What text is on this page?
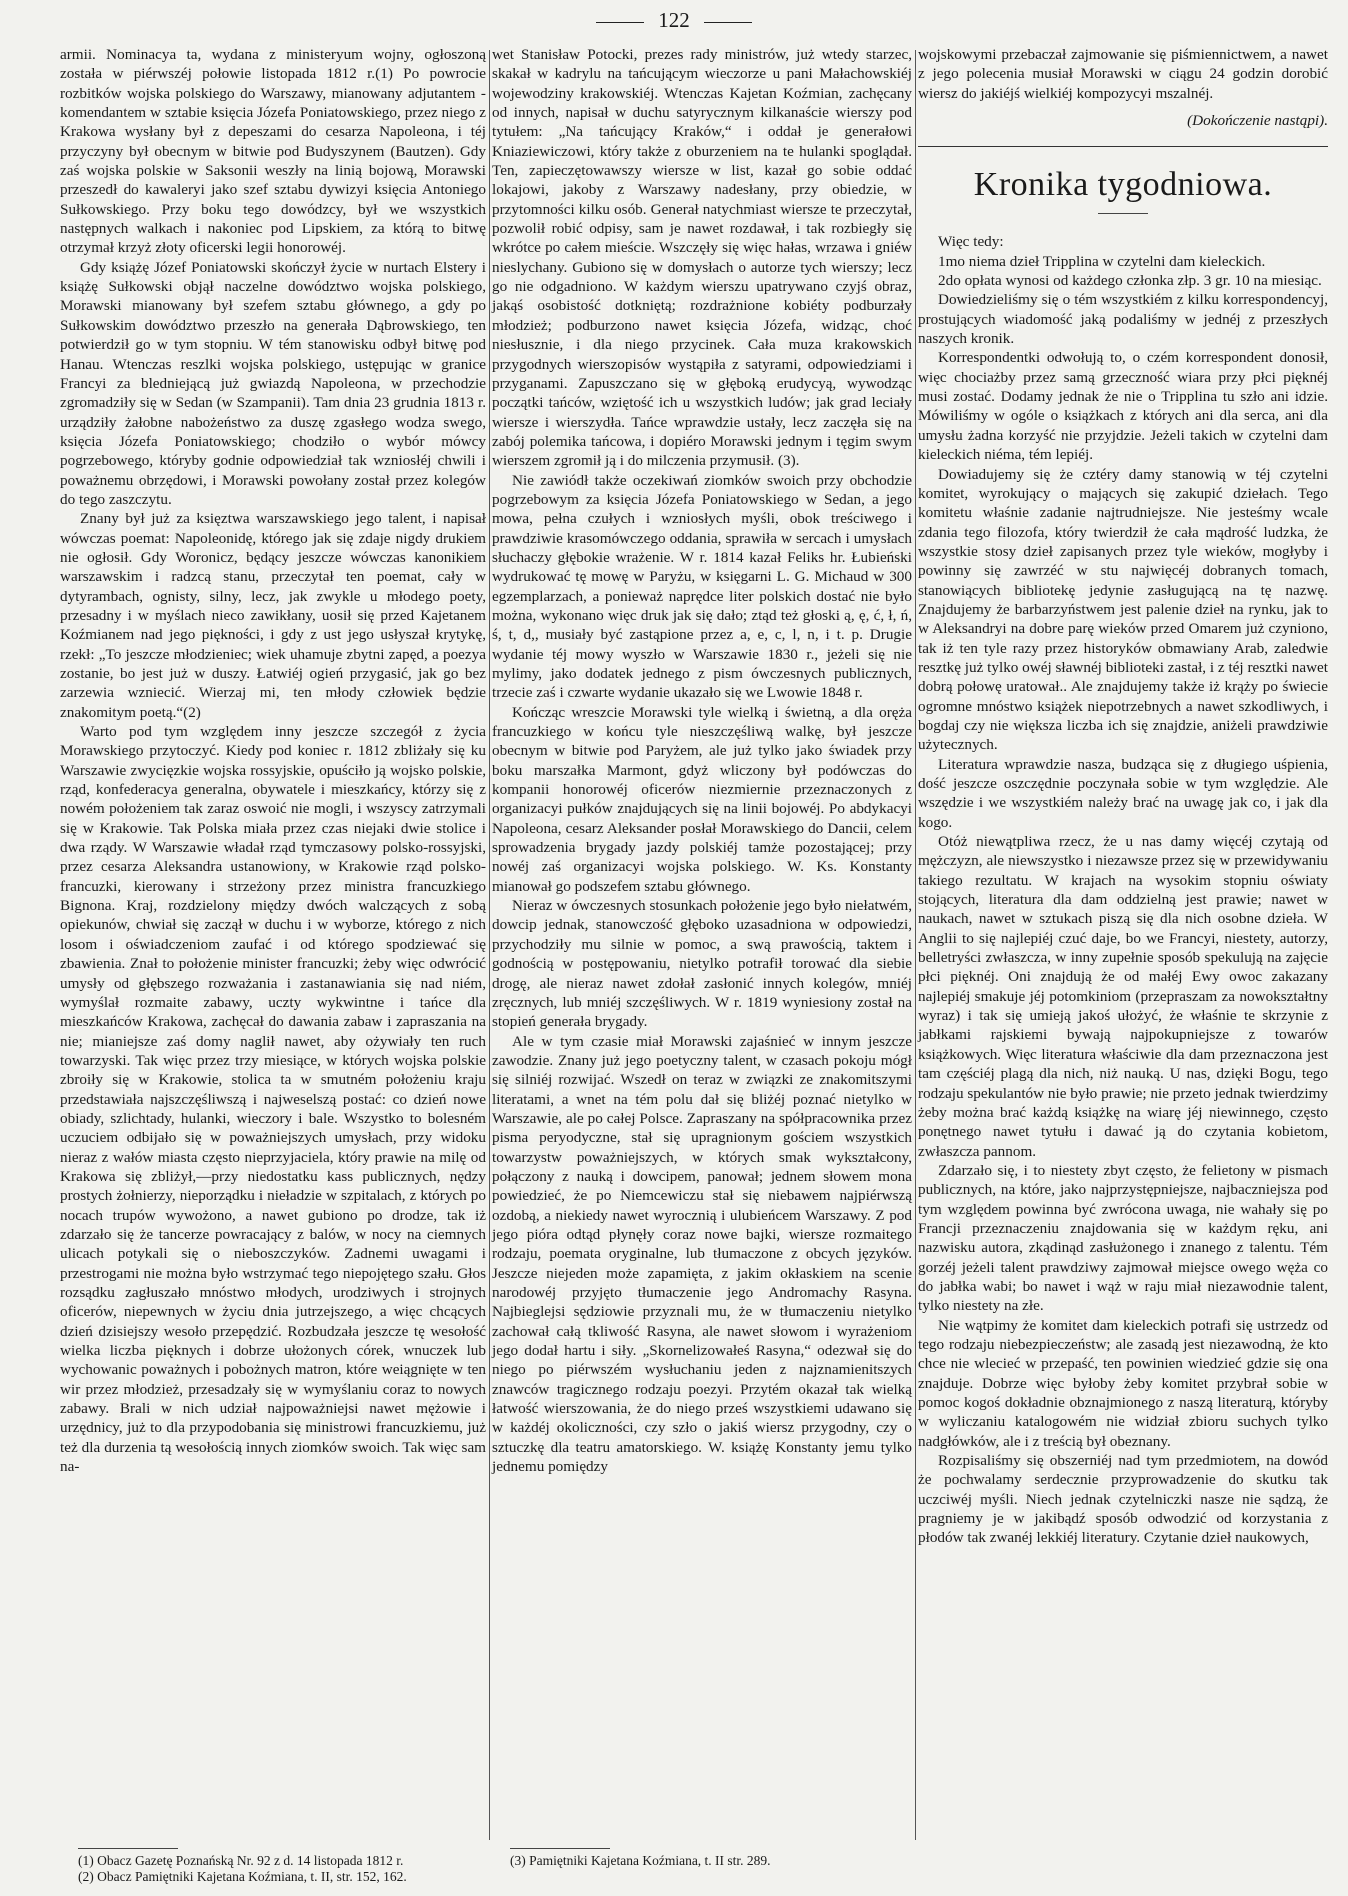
122

armii. Nominacya ta, wydana z ministeryum wojny, ogłoszoną została w piérwszéj połowie listopada 1812 r.(1) Po powrocie rozbitków wojska polskiego do Warszawy, mianowany adjutantem - komendantem w sztabie księcia Józefa Poniatowskiego, przez niego z Krakowa wysłany był z depeszami do cesarza Napoleona, i téj przyczyny był obecnym w bitwie pod Budyszynem (Bautzen). Gdy zaś wojska polskie w Saksonii weszły na linią bojową, Morawski przeszedł do kawaleryi jako szef sztabu dywizyi księcia Antoniego Sułkowskiego. Przy boku tego dowódzcy, był we wszystkich następnych walkach i nakoniec pod Lipskiem, za którą to bitwę otrzymał krzyż złoty oficerski legii honorowéj.

Gdy książę Józef Poniatowski skończył życie w nurtach Elstery i książę Sułkowski objął naczelne dowództwo wojska polskiego, Morawski mianowany był szefem sztabu głównego, a gdy po Sułkowskim dowództwo przeszło na generała Dąbrowskiego, ten potwierdził go w tym stopniu. W tém stanowisku odbył bitwę pod Hanau. Wtenczas reszlki wojska polskiego, ustępując w granice Francyi za bledniejącą już gwiazdą Napoleona, w przechodzie zgromadziły się w Sedan (w Szampanii). Tam dnia 23 grudnia 1813 r. urządziły żałobne nabożeństwo za duszę zgasłego wodza swego, księcia Józefa Poniatowskiego; chodziło o wybór mówcy pogrzebowego, któryby godnie odpowiedział tak wzniosłéj chwili i poważnemu obrzędowi, i Morawski powołany został przez kolegów do tego zaszczytu.

Znany był już za księztwa warszawskiego jego talent, i napisał wówczas poemat: Napoleonidę, którego jak się zdaje nigdy drukiem nie ogłosił. Gdy Woronicz, będący jeszcze wówczas kanonikiem warszawskim i radzcą stanu, przeczytał ten poemat, cały w dytyrambach, ognisty, silny, lecz, jak zwykle u młodego poety, przesadny i w myślach nieco zawikłany, uosił się przed Kajetanem Koźmianem nad jego piękności, i gdy z ust jego usłyszał krytykę, rzekł: „To jeszcze młodzieniec; wiek uhamuje zbytni zapęd, a poezya zostanie, bo jest już w duszy. Łatwiéj ogień przygasić, jak go bez zarzewia wzniecić. Wierzaj mi, ten młody człowiek będzie znakomitym poetą.“(2)

Warto pod tym względem inny jeszcze szczegół z życia Morawskiego przytoczyć. Kiedy pod koniec r. 1812 zbliżały się ku Warszawie zwycięzkie wojska rossyjskie, opuściło ją wojsko polskie, rząd, konfederacya generalna, obywatele i mieszkańcy, którzy się z nowém położeniem tak zaraz oswoić nie mogli, i wszyscy zatrzymali się w Krakowie. Tak Polska miała przez czas niejaki dwie stolice i dwa rządy. W Warszawie władał rząd tymczasowy polsko-rossyjski, przez cesarza Aleksandra ustanowiony, w Krakowie rząd polsko-francuzki, kierowany i strzeżony przez ministra francuzkiego Bignona. Kraj, rozdzielony między dwóch walczących z sobą opiekunów, chwiał się zaczął w duchu i w wyborze, którego z nich losom i oświadczeniom zaufać i od którego spodziewać się zbawienia. Znał to położenie minister francuzki; żeby więc odwrócić umysły od głębszego rozważania i zastanawiania się nad niém, wymyślał rozmaite zabawy, uczty wykwintne i tańce dla mieszkańców Krakowa, zachęcał do dawania zabaw i zapraszania na nie; mianiejsze zaś domy naglił nawet, aby ożywiały ten ruch towarzyski. Tak więc przez trzy miesiące, w których wojska polskie zbroiły się w Krakowie, stolica ta w smutném położeniu kraju przedstawiała najszczęśliwszą i najweselszą postać: co dzień nowe obiady, szlichtady, hulanki, wieczory i bale. Wszystko to bolesném uczuciem odbijało się w poważniejszych umysłach, przy widoku nieraz z wałów miasta często nieprzyjaciela, który prawie na milę od Krakowa się zbliżył,—przy niedostatku kass publicznych, nędzy prostych żołnierzy, nieporządku i nieładzie w szpitalach, z których po nocach trupów wywożono, a nawet gubiono po drodze, tak iż zdarzało się że tancerze powracający z balów, w nocy na ciemnych ulicach potykali się o nieboszczyków. Zadnemi uwagami i przestrogami nie można było wstrzymać tego niepojętego szału. Głos rozsądku zagłuszało mnóstwo młodych, urodziwych i strojnych oficerów, niepewnych w życiu dnia jutrzejszego, a więc chcących dzień dzisiejszy wesoło przepędzić. Rozbudzała jeszcze tę wesołość wielka liczba pięknych i dobrze ułożonych córek, wnuczek lub wychowanic poważnych i pobożnych matron, które weiągnięte w ten wir przez młodzież, przesadzały się w wymyślaniu coraz to nowych zabawy. Brali w nich udział najpoważniejsi nawet mężowie i urzędnicy, już to dla przypodobania się ministrowi francuzkiemu, już też dla durzenia tą wesołością innych ziomków swoich. Tak więc sam na-

wet Stanisław Potocki, prezes rady ministrów, już wtedy starzec, skakał w kadrylu na tańcującym wieczorze u pani Małachowskiéj wojewodziny krakowskiéj. Wtenczas Kajetan Koźmian, zachęcany od innych, napisał w duchu satyrycznym kilkanaście wierszy pod tytułem: „Na tańcujący Kraków,“ i oddał je generałowi Kniaziewiczowi, który także z oburzeniem na te hulanki spoglądał. Ten, zapieczętowawszy wiersze w list, kazał go sobie oddać lokajowi, jakoby z Warszawy nadesłany, przy obiedzie, w przytomności kilku osób. Generał natychmiast wiersze te przeczytał, pozwolił robić odpisy, sam je nawet rozdawał, i tak rozbiegły się wkrótce po całem mieście. Wszczęły się więc hałas, wrzawa i gniéw nieslychany. Gubiono się w domysłach o autorze tych wierszy; lecz go nie odgadniono. W każdym wierszu upatrywano czyjś obraz, jakąś osobistość dotkniętą; rozdrażnione kobiéty podburzały młodzież; podburzono nawet księcia Józefa, widząc, choć niesłusznie, i dla niego przycinek. Cała muza krakowskich przygodnych wierszopisów wystąpiła z satyrami, odpowiedziami i przyganami. Zapuszczano się w głęboką erudycyą, wywodząc początki tańców, wziętość ich u wszystkich ludów; jak grad leciały wiersze i wierszydła. Tańce wprawdzie ustały, lecz zaczęła się na zabój polemika tańcowa, i dopiéro Morawski jednym i tęgim swym wierszem zgromił ją i do milczenia przymusił. (3).

Nie zawiódł także oczekiwań ziomków swoich przy obchodzie pogrzebowym za księcia Józefa Poniatowskiego w Sedan, a jego mowa, pełna czułych i wzniosłych myśli, obok treściwego i prawdziwie krasomówczego oddania, sprawiła w sercach i umysłach słuchaczy głębokie wrażenie. W r. 1814 kazał Feliks hr. Łubieński wydrukować tę mowę w Paryżu, w księgarni L. G. Michaud w 300 egzemplarzach, a ponieważ naprędce liter polskich dostać nie było można, wykonano więc druk jak się dało; ztąd też głoski ą, ę, ć, ł, ń, ś, t, d,, musiały być zastąpione przez a, e, c, l, n, i t. p. Drugie wydanie téj mowy wyszło w Warszawie 1830 r., jeżeli się nie mylimy, jako dodatek jednego z pism ówczesnych publicznych, trzecie zaś i czwarte wydanie ukazało się we Lwowie 1848 r.

Kończąc wreszcie Morawski tyle wielką i świetną, a dla oręża francuzkiego w końcu tyle nieszczęśliwą walkę, był jeszcze obecnym w bitwie pod Paryżem, ale już tylko jako świadek przy boku marszałka Marmont, gdyż wliczony był podówczas do kompanii honorowéj oficerów niezmiernie przeznaczonych z organizacyi pułków znajdujących się na linii bojowéj. Po abdykacyi Napoleona, cesarz Aleksander posłał Morawskiego do Dancii, celem sprowadzenia brygady jazdy polskiéj tamże pozostającej; przy nowéj zaś organizacyi wojska polskiego. W. Ks. Konstanty mianował go podszefem sztabu głównego.

Nieraz w ówczesnych stosunkach położenie jego było niełatwém, dowcip jednak, stanowczość głęboko uzasadniona w odpowiedzi, przychodziły mu silnie w pomoc, a swą prawością, taktem i godnością w postępowaniu, nietylko potrafił torować dla siebie drogę, ale nieraz nawet zdołał zasłonić innych kolegów, mniéj zręcznych, lub mniéj szczęśliwych. W r. 1819 wyniesiony został na stopień generała brygady.

Ale w tym czasie miał Morawski zajaśnieć w innym jeszcze zawodzie. Znany już jego poetyczny talent, w czasach pokoju mógł się silniéj rozwijać. Wszedł on teraz w związki ze znakomitszymi literatami, a wnet na tém polu dał się bliżéj poznać nietylko w Warszawie, ale po całej Polsce. Zapraszany na spółpracownika przez pisma peryodyczne, stał się upragnionym gościem wszystkich towarzystw poważniejszych, w których smak wykształcony, połączony z nauką i dowcipem, panował; jednem słowem mona powiedzieć, że po Niemcewiczu stał się niebawem najpiérwszą ozdobą, a niekiedy nawet wyrocznią i ulubieńcem Warszawy. Z pod jego pióra odtąd płynęły coraz nowe bajki, wiersze rozmaitego rodzaju, poemata oryginalne, lub tłumaczone z obcych języków. Jeszcze niejeden może zapamięta, z jakim okłaskiem na scenie narodowéj przyjęto tłumaczenie jego Andromachy Rasyna. Najbieglejsi sędziowie przyznali mu, że w tłumaczeniu nietylko zachował całą tkliwość Rasyna, ale nawet słowom i wyrażeniom jego dodał hartu i siły. „Skornelizowałeś Rasyna,“ odezwał się do niego po piérwszém wysłuchaniu jeden z najznamienitszych znawców tragicznego rodzaju poezyi. Przytém okazał tak wielką łatwość wierszowania, że do niego prześ wszystkiemi udawano się w każdéj okoliczności, czy szło o jakiś wiersz przygodny, czy o sztuczkę dla teatru amatorskiego. W. książę Konstanty jemu tylko jednemu pomiędzy

wojskowymi przebaczał zajmowanie się piśmiennictwem, a nawet z jego polecenia musiał Morawski w ciągu 24 godzin dorobić wiersz do jakiéjś wielkiéj kompozycyi mszalnéj.

(Dokończenie nastąpi).

Kronika tygodniowa.

Więc tedy:

1mo niema dzieł Tripplina w czytelni dam kieleckich.

2do opłata wynosi od każdego członka złp. 3 gr. 10 na miesiąc.

Dowiedzieliśmy się o tém wszystkiém z kilku korrespondencyj, prostujących wiadomość jaką podaliśmy w jednéj z przeszłych naszych kronik.

Korrespondentki odwołują to, o czém korrespondent donosił, więc chociażby przez samą grzeczność wiara przy płci pięknéj musi zostać. Dodamy jednak że nie o Tripplina tu szło ani idzie. Mówiliśmy w ogóle o książkach z których ani dla serca, ani dla umysłu żadna korzyść nie przyjdzie. Jeżeli takich w czytelni dam kieleckich niéma, tém lepiéj.

Dowiadujemy się że cztéry damy stanowią w téj czytelni komitet, wyrokujący o mających się zakupić dziełach. Tego komitetu właśnie zadanie najtrudniejsze. Nie jesteśmy wcale zdania tego filozofa, który twierdził że cała mądrość ludzka, że wszystkie stosy dzieł zapisanych przez tyle wieków, mogłyby i powinny się zawrzéć w stu najwięcéj dobranych tomach, stanowiących bibliotekę jedynie zasługującą na tę nazwę. Znajdujemy że barbarzyństwem jest palenie dzieł na rynku, jak to w Aleksandryi na dobre parę wieków przed Omarem już czyniono, tak iż ten tyle razy przez historyków obmawiany Arab, zaledwie resztkę już tylko owéj sławnéj biblioteki zastał, i z téj resztki nawet dobrą połowę uratował.. Ale znajdujemy także iż krąży po świecie ogromne mnóstwo książek niepotrzebnych a nawet szkodliwych, i bogdaj czy nie większa liczba ich się znajdzie, aniżeli prawdziwie użytecznych.

Literatura wprawdzie nasza, budząca się z długiego uśpienia, dość jeszcze oszczędnie poczynała sobie w tym względzie. Ale wszędzie i we wszystkiém należy brać na uwagę jak co, i jak dla kogo.

Otóż niewątpliwa rzecz, że u nas damy więcéj czytają od mężczyzn, ale niewszystko i niezawsze przez się w przewidywaniu takiego rezultatu. W krajach na wysokim stopniu oświaty stojących, literatura dla dam oddzielną jest prawie; nawet w naukach, nawet w sztukach piszą się dla nich osobne dzieła. W Anglii to się najlepiéj czuć daje, bo we Francyi, niestety, autorzy, belletryści zwłaszcza, w inny zupełnie sposób spekulują na zajęcie płci pięknéj. Oni znajdują że od małéj Ewy owoc zakazany najlepiéj smakuje jéj potomkiniom (przepraszam za nowokształtny wyraz) i tak się umieją jakoś ułożyć, że właśnie te skrzynie z jabłkami rajskiemi bywają najpokupniejsze z towarów książkowych. Więc literatura właściwie dla dam przeznaczona jest tam częściéj plagą dla nich, niż nauką. U nas, dzięki Bogu, tego rodzaju spekulantów nie było prawie; nie przeto jednak twierdzimy żeby można brać każdą książkę na wiarę jéj niewinnego, często ponętnego nawet tytułu i dawać ją do czytania kobietom, zwłaszcza pannom.

Zdarzało się, i to niestety zbyt często, że felietony w pismach publicznych, na które, jako najprzystępniejsze, najbaczniejsza pod tym względem powinna być zwrócona uwaga, nie wahały się po Francji przeznaczeniu znajdowania się w każdym ręku, ani nazwisku autora, zkądinąd zasłużonego i znanego z talentu. Tém gorzéj jeżeli talent prawdziwy zajmował miejsce owego węża co do jabłka wabi; bo nawet i wąż w raju miał niezawodnie talent, tylko niestety na złe.

Nie wątpimy że komitet dam kieleckich potrafi się ustrzedz od tego rodzaju niebezpieczeństw; ale zasadą jest niezawodną, że kto chce nie wlecieć w przepaść, ten powinien wiedzieć gdzie się ona znajduje. Dobrze więc byłoby żeby komitet przybrał sobie w pomoc kogoś dokładnie obznajmionego z naszą literaturą, któryby w wyliczaniu katalogowém nie widział zbioru suchych tylko nadgłówków, ale i z treścią był obeznany.

Rozpisaliśmy się obszerniéj nad tym przedmiotem, na dowód że pochwalamy serdecznie przyprowadzenie do skutku tak uczciwéj myśli. Niech jednak czytelniczki nasze nie sądzą, że pragniemy je w jakibądź sposób odwodzić od korzystania z płodów tak zwanéj lekkiéj literatury. Czytanie dzieł naukowych,

(1) Obacz Gazetę Poznańską Nr. 92 z d. 14 listopada 1812 r.
(2) Obacz Pamiętniki Kajetana Koźmiana, t. II, str. 152, 162.
(3) Pamiętniki Kajetana Koźmiana, t. II str. 289.
